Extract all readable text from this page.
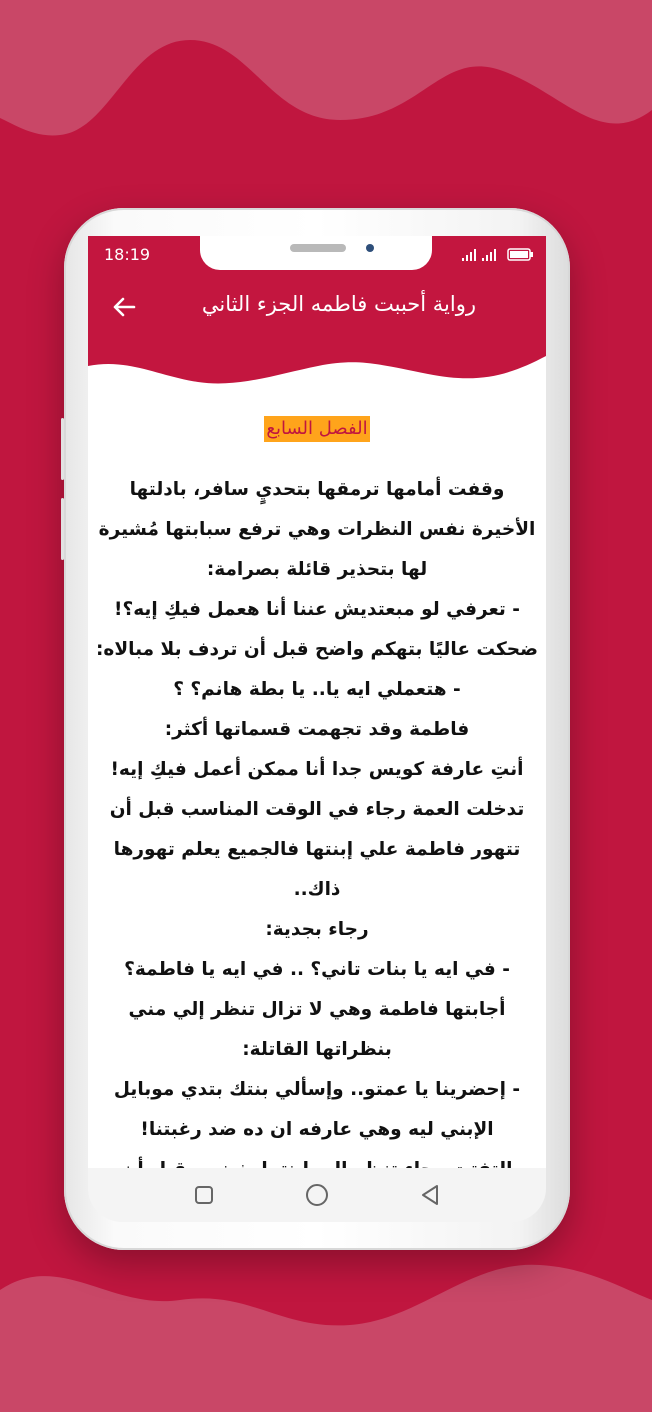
18:19
رواية أحببت فاطمه الجزء الثاني
الفصل السابع
وقفت أمامها ترمقها بتحديٍ سافر، بادلتها الأخيرة نفس النظرات وهي ترفع سبابتها مُشيرة لها بتحذير قائلة بصرامة:
- تعرفي لو مبعتديش عننا أنا هعمل فيكِ إيه؟!
ضحكت عاليًا بتهكم واضح قبل أن تردف بلا مبالاه:
- هتعملي ايه يا.. يا بطة هانم؟ ؟
فاطمة وقد تجهمت قسماتها أكثر:
أنتِ عارفة كويس جدا أنا ممكن أعمل فيكِ إيه!
تدخلت العمة رجاء في الوقت المناسب قبل أن تتهور فاطمة علي إبنتها فالجميع يعلم تهورها ذاك..
رجاء بجدية:
- في ايه يا بنات تاني؟ .. في ايه يا فاطمة؟
أجابتها فاطمة وهي لا تزال تنظر إلي مني بنظراتها القاتلة:
- إحضرينا يا عمتو.. وإسألي بنتك بتدي موبايل الإبني ليه وهي عارفه ان ده ضد رغبتنا!
